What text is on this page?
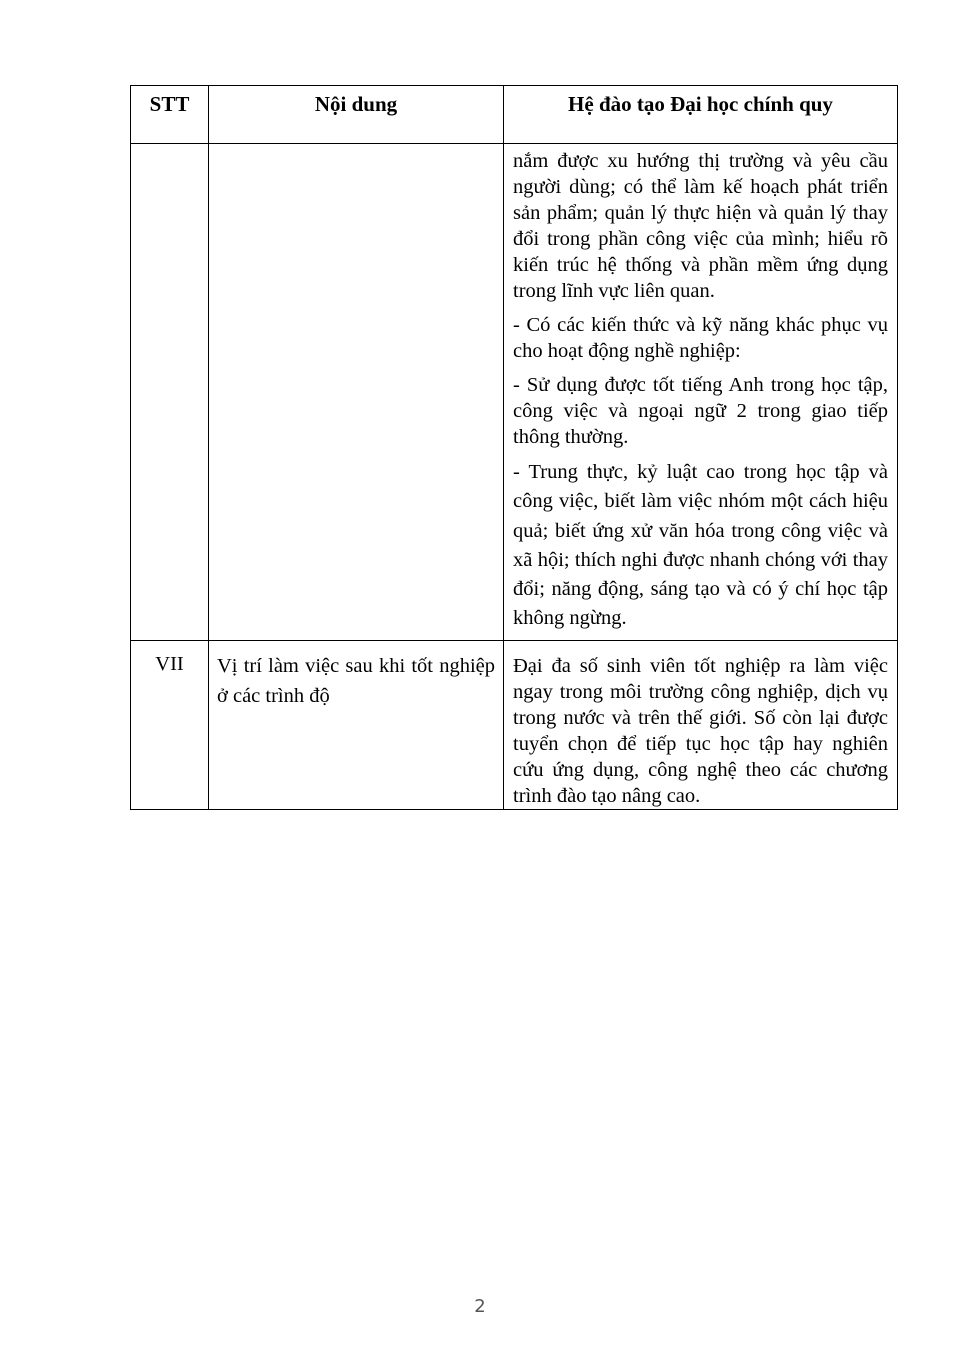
STT	Nội dung	Hệ đào tạo Đại học chính quy

		nắm được xu hướng thị trường và yêu cầu người dùng; có thể làm kế hoạch phát triển sản phẩm; quản lý thực hiện và quản lý thay đổi trong phần công việc của mình; hiểu rõ kiến trúc hệ thống và phần mềm ứng dụng trong lĩnh vực liên quan.

- Có các kiến thức và kỹ năng khác phục vụ cho hoạt động nghề nghiệp:

- Sử dụng được tốt tiếng Anh trong học tập, công việc và ngoại ngữ 2 trong giao tiếp thông thường.

- Trung thực, kỷ luật cao trong học tập và công việc, biết làm việc nhóm một cách hiệu quả; biết ứng xử văn hóa trong công việc và xã hội; thích nghi được nhanh chóng với thay đổi; năng động, sáng tạo và có ý chí học tập không ngừng.

VII	Vị trí làm việc sau khi tốt nghiệp ở các trình độ	Đại đa số sinh viên tốt nghiệp ra làm việc ngay trong môi trường công nghiệp, dịch vụ trong nước và trên thế giới. Số còn lại được tuyển chọn để tiếp tục học tập hay nghiên cứu ứng dụng, công nghệ theo các chương trình đào tạo nâng cao.
2
